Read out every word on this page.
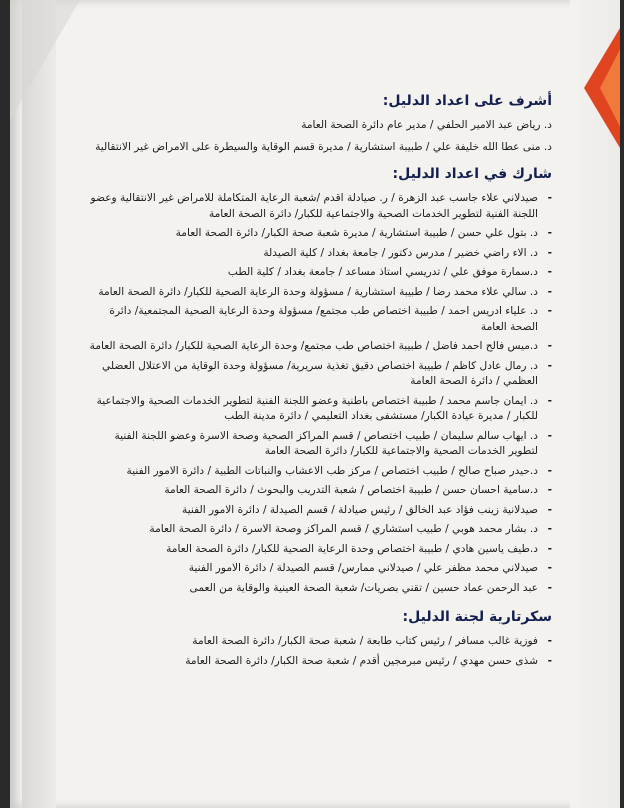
أشرف على اعداد الدليل:
د. رياض عبد الامير الحلفي / مدير عام دائرة الصحة العامة
د. منى عطا الله خليفة علي / طبيبة استشارية / مديرة قسم الوقاية والسيطرة على الامراض غير الانتقالية
شارك في اعداد الدليل:
-
صيدلاني علاء جاسب عبد الزهرة / ر. صيادلة اقدم /شعبة الرعاية المتكاملة للامراض غير الانتقالية وعضو اللجنة الفنية لتطوير الخدمات الصحية والاجتماعية للكبار/ دائرة الصحة العامة
-
د. بتول علي حسن / طبيبة استشارية / مديرة شعبة صحة الكبار/ دائرة الصحة العامة
-
د. الاء راضي خضير / مدرس دكتور / جامعة بغداد / كلية الصيدلة
-
د.سمارة موفق علي / تدريسي استاذ مساعد / جامعة بغداد / كلية الطب
-
د. سالي علاء محمد رضا / طبيبة استشارية / مسؤولة وحدة الرعاية الصحية للكبار/ دائرة الصحة العامة
-
د. علياء ادريس احمد / طبيبة اختصاص طب مجتمع/ مسؤولة وحدة الرعاية الصحية المجتمعية/ دائرة الصحة العامة
-
د.ميس فالح احمد فاضل / طبيبة اختصاص طب مجتمع/ وحدة الرعاية الصحية للكبار/ دائرة الصحة العامة
-
د. رمال عادل كاظم / طبيبة اختصاص دقيق تغذية سريرية/ مسؤولة وحدة الوقاية من الاعتلال العضلي العظمي / دائرة الصحة العامة
-
د. ايمان جاسم محمد / طبيبة اختصاص باطنية وعضو اللجنة الفنية لتطوير الخدمات الصحية والاجتماعية للكبار / مديرة عيادة الكبار/ مستشفى بغداد التعليمي / دائرة مدينة الطب
-
د. ايهاب سالم سليمان / طبيب اختصاص / قسم المراكز الصحية وصحة الاسرة وعضو اللجنة الفنية لتطوير الخدمات الصحية والاجتماعية للكبار/ دائرة الصحة العامة
-
د.حيدر صباح صالح / طبيب اختصاص / مركز طب الاعشاب والنباتات الطبية / دائرة الامور الفنية
-
د.سامية احسان حسن / طبيبة اختصاص / شعبة التدريب والبحوث / دائرة الصحة العامة
-
صيدلانية زينب فؤاد عبد الخالق / رئيس صيادلة / قسم الصيدلة / دائرة الامور الفنية
-
د. بشار محمد هوبي / طبيب استشاري / قسم المراكز وصحة الاسرة / دائرة الصحة العامة
-
د.طيف ياسين هادي / طبيبة اختصاص وحدة الرعاية الصحية للكبار/ دائرة الصحة العامة
-
صيدلاني محمد مظفر علي / صيدلاني ممارس/ قسم الصيدلة / دائرة الامور الفنية
-
عبد الرحمن عماد حسين / تقني بصريات/ شعبة الصحة العينية والوقاية من العمى
سكرتارية لجنة الدليل:
-
فوزية غالب مسافر / رئيس كتاب طابعة / شعبة صحة الكبار/ دائرة الصحة العامة
-
شذى حسن مهدي / رئيس مبرمجين أقدم / شعبة صحة الكبار/ دائرة الصحة العامة
